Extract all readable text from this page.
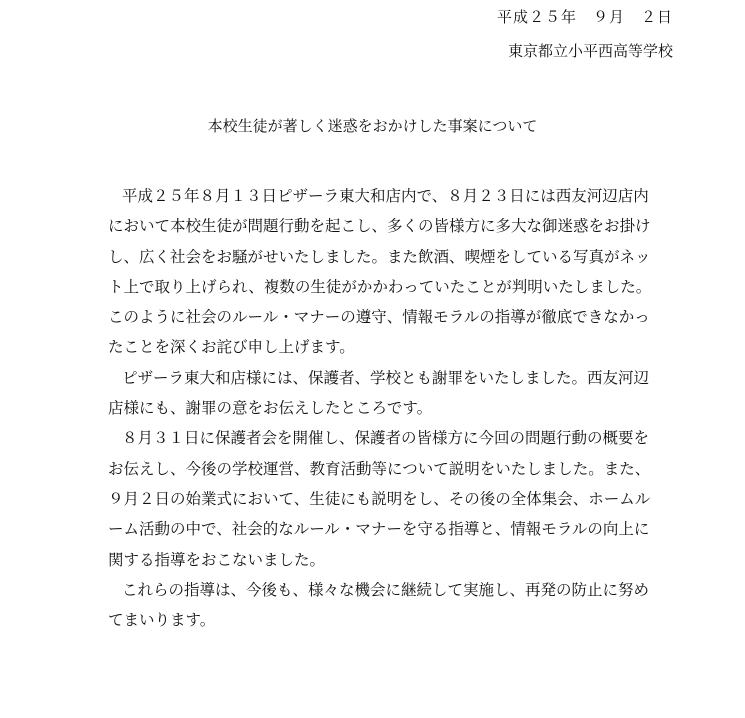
平成２５年　９月　２日
東京都立小平西高等学校
本校生徒が著しく迷惑をおかけした事案について
平成２５年８月１３日ピザーラ東大和店内で、８月２３日には西友河辺店内
において本校生徒が問題行動を起こし、多くの皆様方に多大な御迷惑をお掛け
し、広く社会をお騒がせいたしました。また飲酒、喫煙をしている写真がネッ
ト上で取り上げられ、複数の生徒がかかわっていたことが判明いたしました。
このように社会のルール・マナーの遵守、情報モラルの指導が徹底できなかっ
たことを深くお詫び申し上げます。
ピザーラ東大和店様には、保護者、学校とも謝罪をいたしました。西友河辺
店様にも、謝罪の意をお伝えしたところです。
８月３１日に保護者会を開催し、保護者の皆様方に今回の問題行動の概要を
お伝えし、今後の学校運営、教育活動等について説明をいたしました。また、
９月２日の始業式において、生徒にも説明をし、その後の全体集会、ホームル
ーム活動の中で、社会的なルール・マナーを守る指導と、情報モラルの向上に
関する指導をおこないました。
これらの指導は、今後も、様々な機会に継続して実施し、再発の防止に努め
てまいります。
